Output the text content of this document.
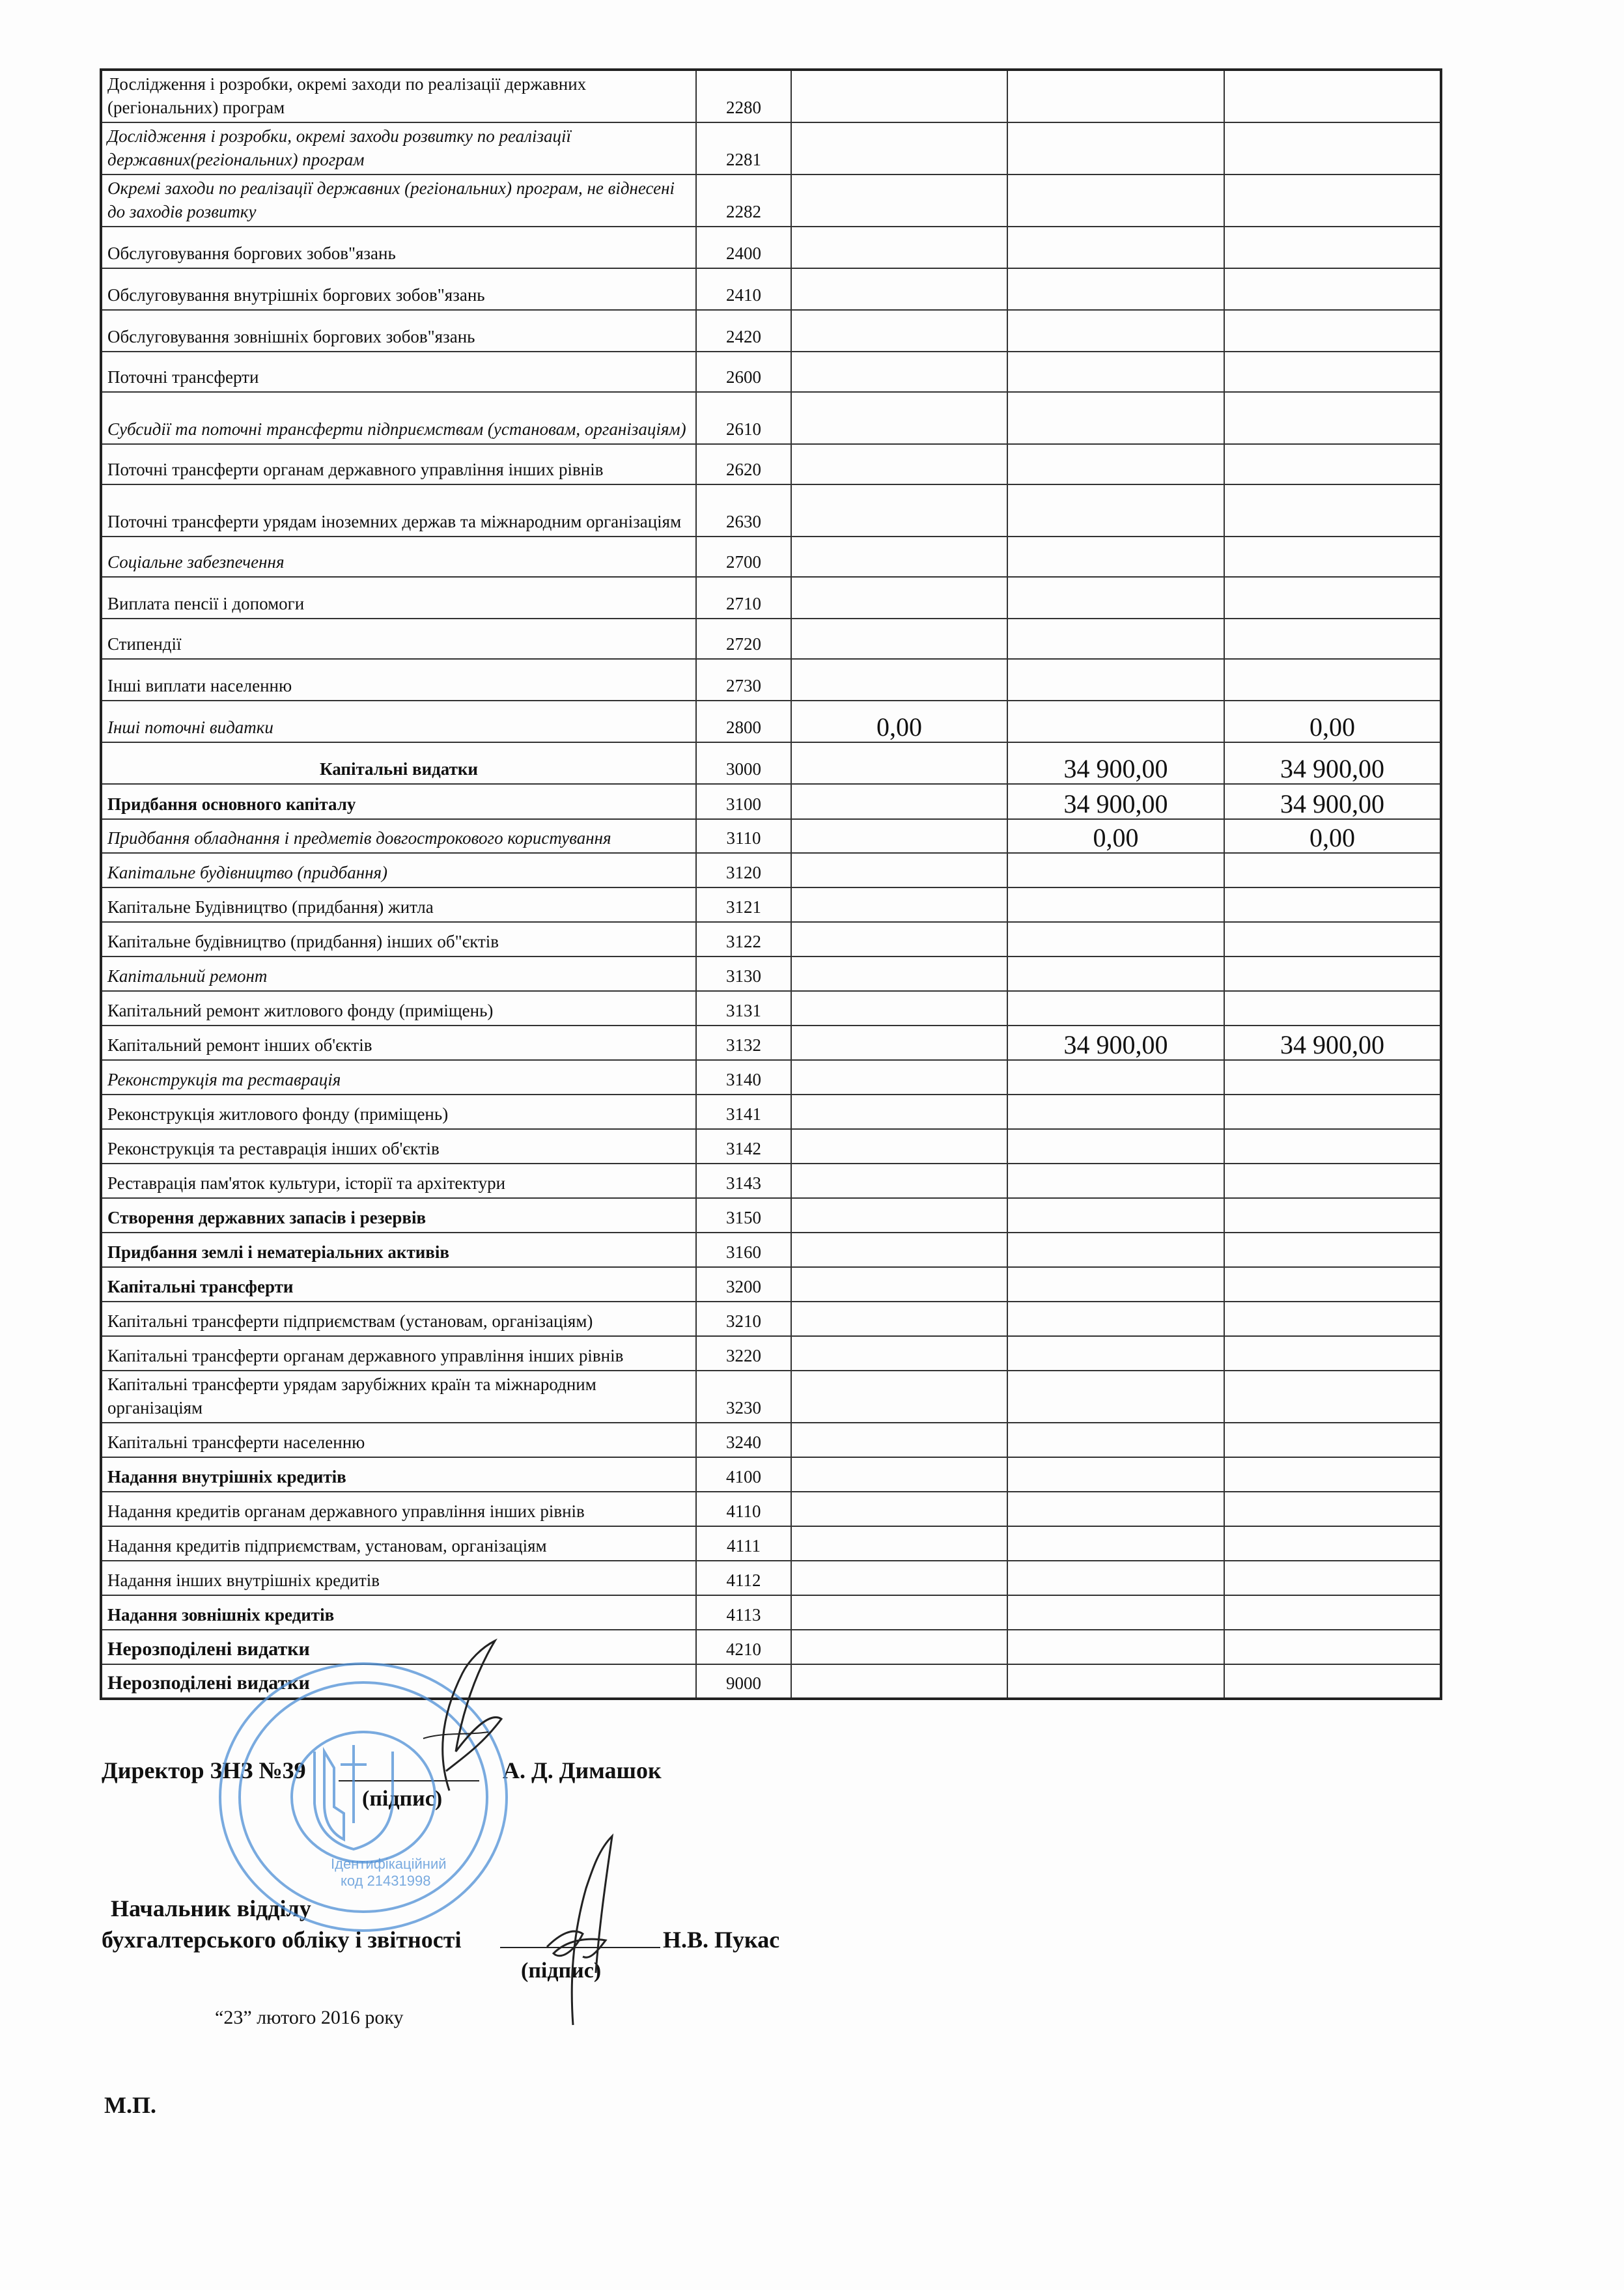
Дослідження і розробки, окремі заходи по реалізації державних (регіональних) програм	2280			
Дослідження і розробки, окремі заходи розвитку по реалізації державних(регіональних) програм	2281			
Окремі заходи по реалізації державних (регіональних) програм, не віднесені до заходів розвитку	2282			
Обслуговування боргових зобов"язань	2400			
Обслуговування внутрішніх боргових зобов"язань	2410			
Обслуговування зовнішніх боргових зобов"язань	2420			
Поточні трансферти	2600			
Субсидії та поточні трансферти підприємствам (установам, організаціям)	2610			
Поточні трансферти органам державного управління інших рівнів	2620			
Поточні трансферти урядам іноземних держав та міжнародним організаціям	2630			
Соціальне забезпечення	2700			
Виплата пенсії і допомоги	2710			
Стипендії	2720			
Інші виплати населенню	2730			
Інші поточні видатки	2800	0,00		0,00
Капітальні видатки	3000		34 900,00	34 900,00
Придбання основного капіталу	3100		34 900,00	34 900,00
Придбання обладнання і предметів довгострокового користування	3110		0,00	0,00
Капітальне будівництво (придбання)	3120			
Капітальне Будівництво (придбання) житла	3121			
Капітальне будівництво (придбання) інших об"єктів	3122			
Капітальний ремонт	3130			
Капітальний ремонт житлового фонду (приміщень)	3131			
Капітальний ремонт інших об'єктів	3132		34 900,00	34 900,00
Реконструкція та реставрація	3140			
Реконструкція житлового фонду (приміщень)	3141			
Реконструкція та реставрація інших об'єктів	3142			
Реставрація пам'яток культури, історії та архітектури	3143			
Створення державних запасів і резервів	3150			
Придбання землі і нематеріальних активів	3160			
Капітальні трансферти	3200			
Капітальні трансферти підприємствам (установам, організаціям)	3210			
Капітальні трансферти органам державного управління інших рівнів	3220			
Капітальні трансферти урядам зарубіжних країн та міжнародним організаціям	3230			
Капітальні трансферти населенню	3240			
Надання внутрішніх кредитів	4100			
Надання кредитів органам державного управління інших рівнів	4110			
Надання кредитів підприємствам, установам, організаціям	4111			
Надання інших внутрішніх кредитів	4112			
Надання зовнішніх кредитів	4113			
Нерозподілені видатки	4210			
Нерозподілені видатки	9000			
Директор ЗНЗ №39	А. Д. Димашок
(підпис)
Начальник відділу
бухгалтерського обліку і звітності	Н.В. Пукас
(підпис)
“23” лютого 2016 року
М.П.
Ідентифікаційний
код 21431998
